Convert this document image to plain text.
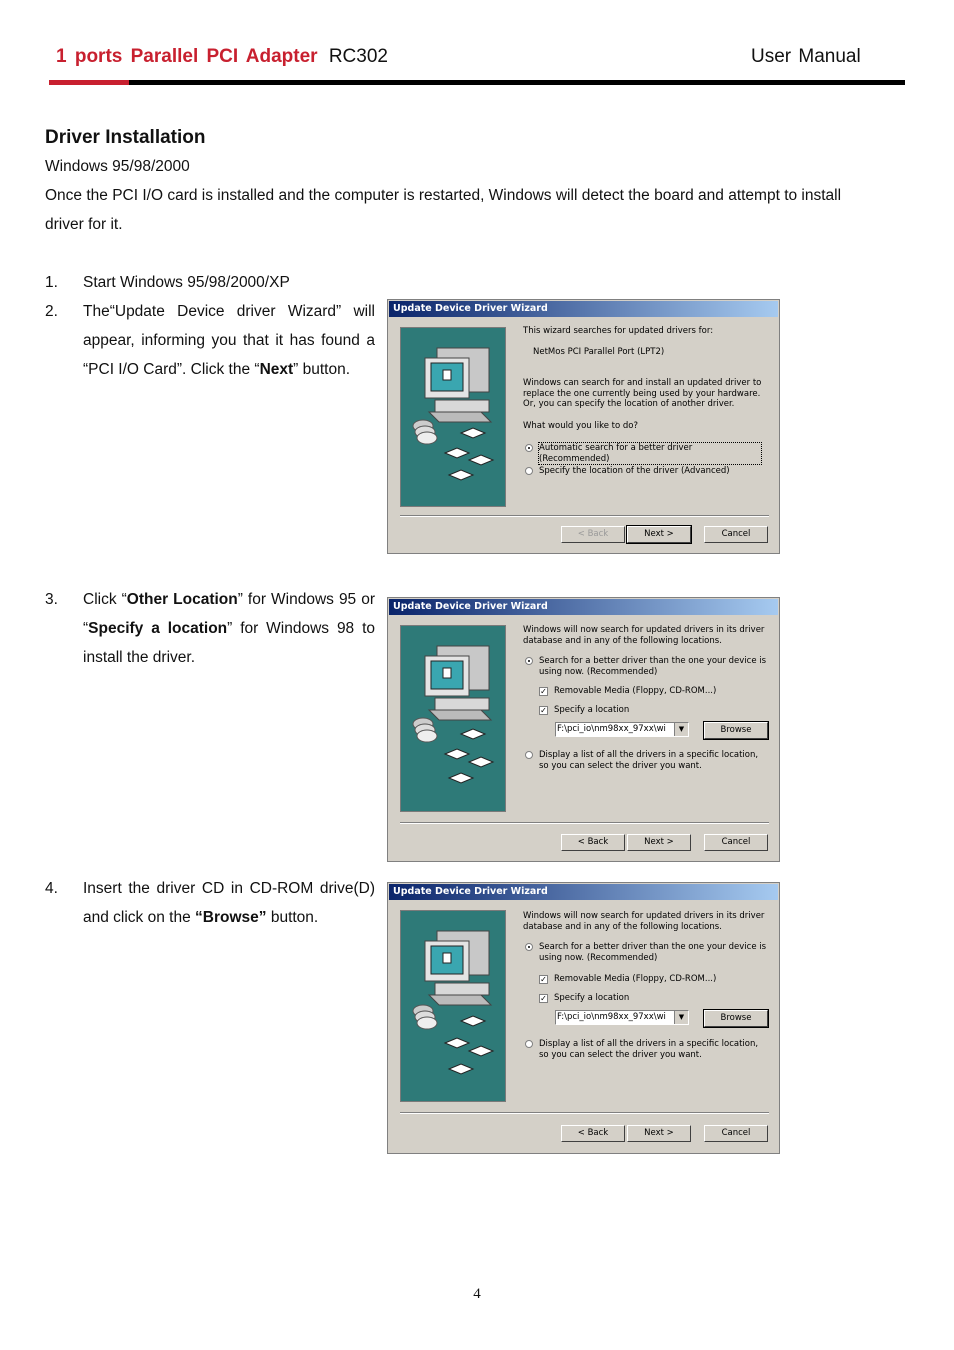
1 ports Parallel PCI Adapter RC302	User Manual
Driver Installation
Windows 95/98/2000
Once the PCI I/O card is installed and the computer is restarted, Windows will detect the board and attempt to install
driver for it.
1. Start Windows 95/98/2000/XP
2. The“Update Device driver Wizard” will appear, informing you that it has found a “PCI I/O Card”. Click the “Next” button.
3. Click “Other Location” for Windows 95 or “Specify a location” for Windows 98 to install the driver.
4. Insert the driver CD in CD-ROM drive(D) and click on the “Browse” button.
Update Device Driver Wizard
This wizard searches for updated drivers for:
NetMos PCI Parallel Port (LPT2)
Windows can search for and install an updated driver to replace the one currently being used by your hardware. Or, you can specify the location of another driver.
What would you like to do?
Automatic search for a better driver (Recommended)
Specify the location of the driver (Advanced)
< Back	Next >	Cancel
Update Device Driver Wizard
Windows will now search for updated drivers in its driver database and in any of the following locations.
Search for a better driver than the one your device is using now. (Recommended)
✓ Removable Media (Floppy, CD-ROM...)
✓ Specify a location
F:\pci_io\nm98xx_97xx\wi	▼	Browse
Display a list of all the drivers in a specific location, so you can select the driver you want.
< Back	Next >	Cancel
Update Device Driver Wizard
Windows will now search for updated drivers in its driver database and in any of the following locations.
Search for a better driver than the one your device is using now. (Recommended)
✓ Removable Media (Floppy, CD-ROM...)
✓ Specify a location
F:\pci_io\nm98xx_97xx\wi	▼	Browse
Display a list of all the drivers in a specific location, so you can select the driver you want.
< Back	Next >	Cancel
4
